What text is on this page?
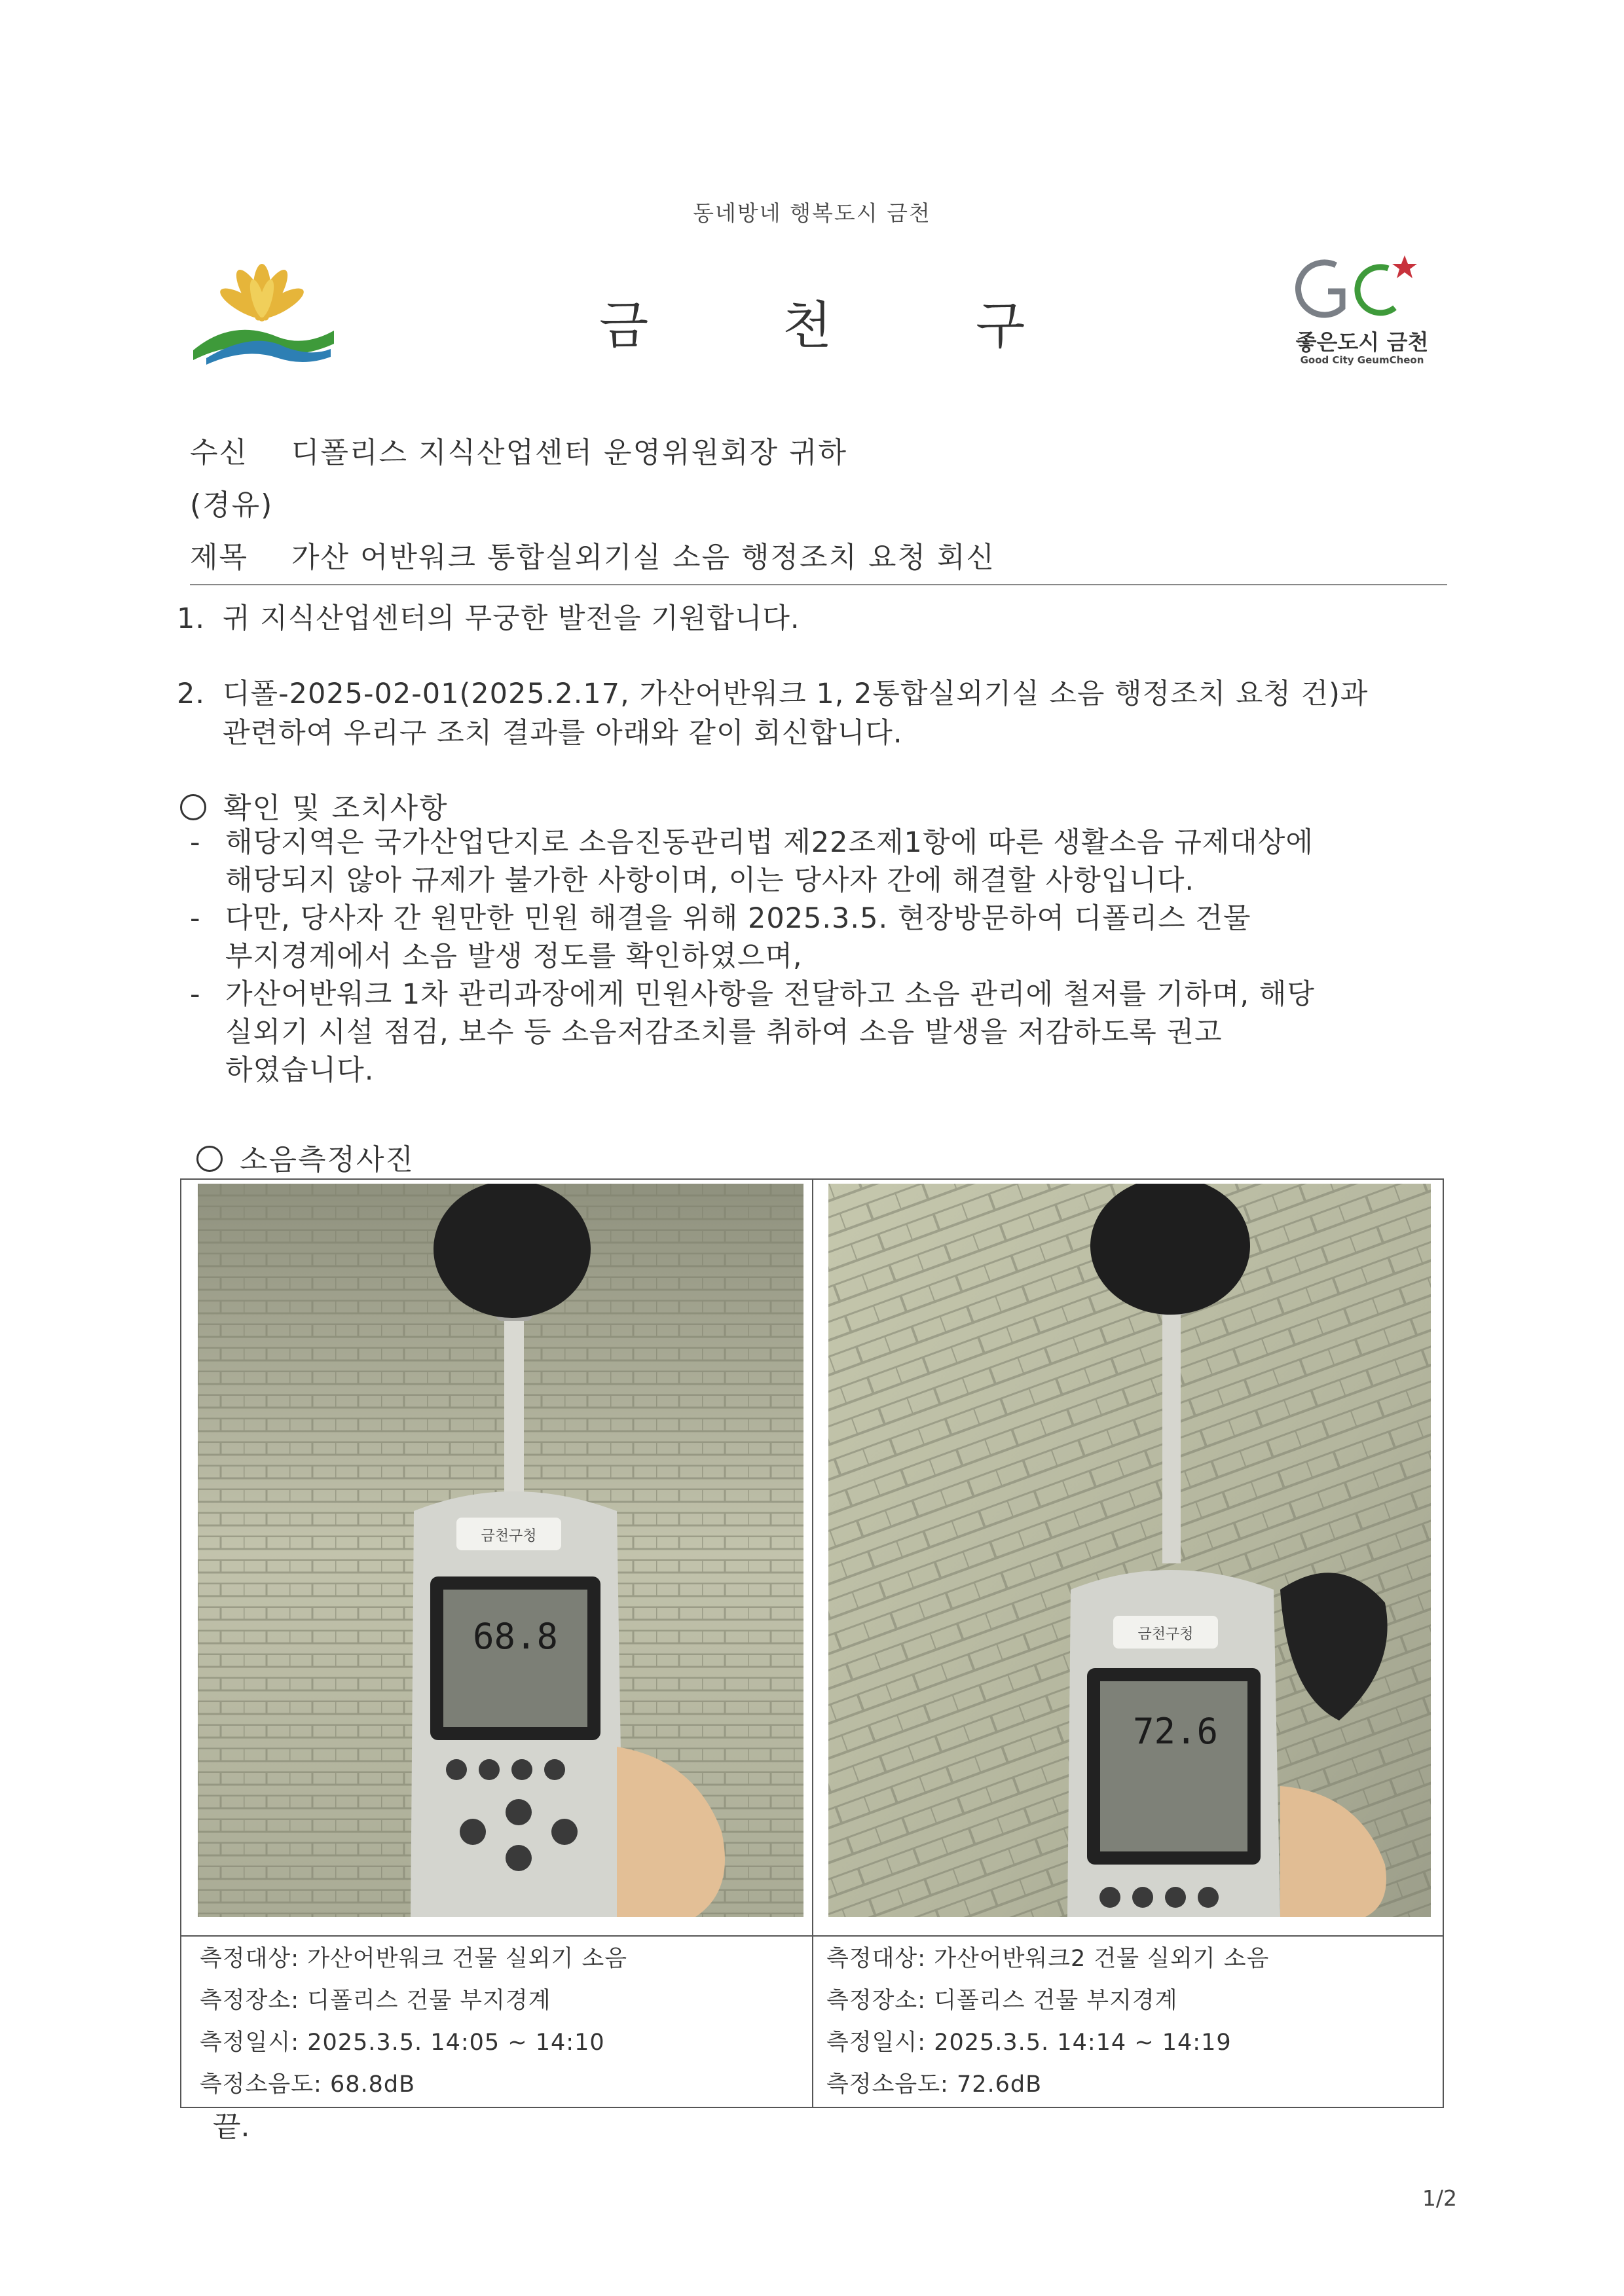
동네방네 행복도시 금천
금	천	구	좋은도시 금천
Good City GeumCheon
수신 디폴리스 지식산업센터 운영위원회장 귀하
(경유)
제목 가산 어반워크 통합실외기실 소음 행정조치 요청 회신
1. 귀 지식산업센터의 무궁한 발전을 기원합니다.
2. 디폴-2025-02-01(2025.2.17, 가산어반워크 1, 2통합실외기실 소음 행정조치 요청 건)과
관련하여 우리구 조치 결과를 아래와 같이 회신합니다.
확인 및 조치사항
- 해당지역은 국가산업단지로 소음진동관리법 제22조제1항에 따른 생활소음 규제대상에
해당되지 않아 규제가 불가한 사항이며, 이는 당사자 간에 해결할 사항입니다.
- 다만, 당사자 간 원만한 민원 해결을 위해 2025.3.5. 현장방문하여 디폴리스 건물
부지경계에서 소음 발생 정도를 확인하였으며,
- 가산어반워크 1차 관리과장에게 민원사항을 전달하고 소음 관리에 철저를 기하며, 해당
실외기 시설 점검, 보수 등 소음저감조치를 취하여 소음 발생을 저감하도록 권고
하였습니다.
소음측정사진
금천구청
68.8	금천구청
72.6
측정대상: 가산어반워크 건물 실외기 소음
측정장소: 디폴리스 건물 부지경계
측정일시: 2025.3.5. 14:05 ~ 14:10
측정소음도: 68.8dB
측정대상: 가산어반워크2 건물 실외기 소음
측정장소: 디폴리스 건물 부지경계
측정일시: 2025.3.5. 14:14 ~ 14:19
측정소음도: 72.6dB
끝.
1/2
